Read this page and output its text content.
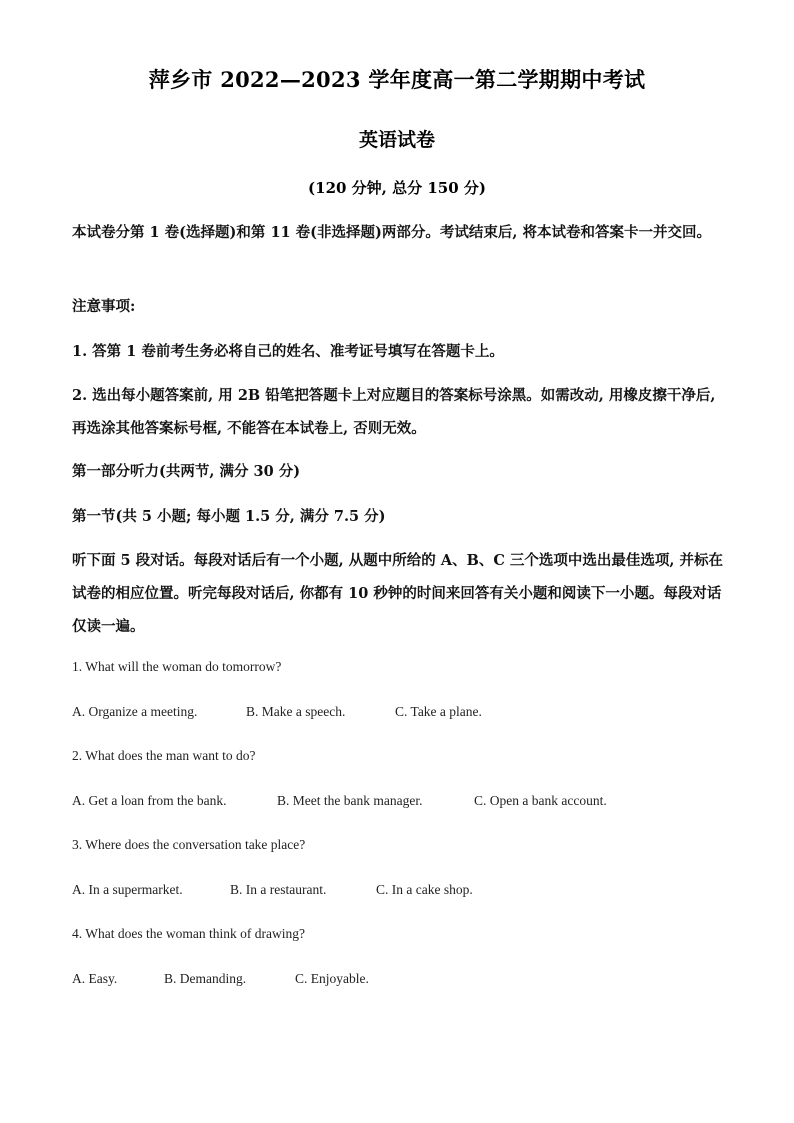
萍乡市 2022—2023 学年度高一第二学期期中考试
英语试卷
(120 分钟, 总分 150 分)
本试卷分第 1 卷(选择题)和第 11 卷(非选择题)两部分。考试结束后, 将本试卷和答案卡一并交回。
注意事项:
1. 答第 1 卷前考生务必将自己的姓名、准考证号填写在答题卡上。
2. 选出每小题答案前, 用 2B 铅笔把答题卡上对应题目的答案标号涂黑。如需改动, 用橡皮擦干净后, 再选涂其他答案标号框, 不能答在本试卷上, 否则无效。
第一部分听力(共两节, 满分 30 分)
第一节(共 5 小题; 每小题 1.5 分, 满分 7.5 分)
听下面 5 段对话。每段对话后有一个小题, 从题中所给的 A、B、C 三个选项中选出最佳选项, 并标在试卷的相应位置。听完每段对话后, 你都有 10 秒钟的时间来回答有关小题和阅读下一小题。每段对话仅读一遍。
1. What will the woman do tomorrow?
A. Organize a meeting.	B. Make a speech.	C. Take a plane.
2. What does the man want to do?
A. Get a loan from the bank.	B. Meet the bank manager.	C. Open a bank account.
3. Where does the conversation take place?
A. In a supermarket.	B. In a restaurant.	C. In a cake shop.
4. What does the woman think of drawing?
A. Easy.	B. Demanding.	C. Enjoyable.
